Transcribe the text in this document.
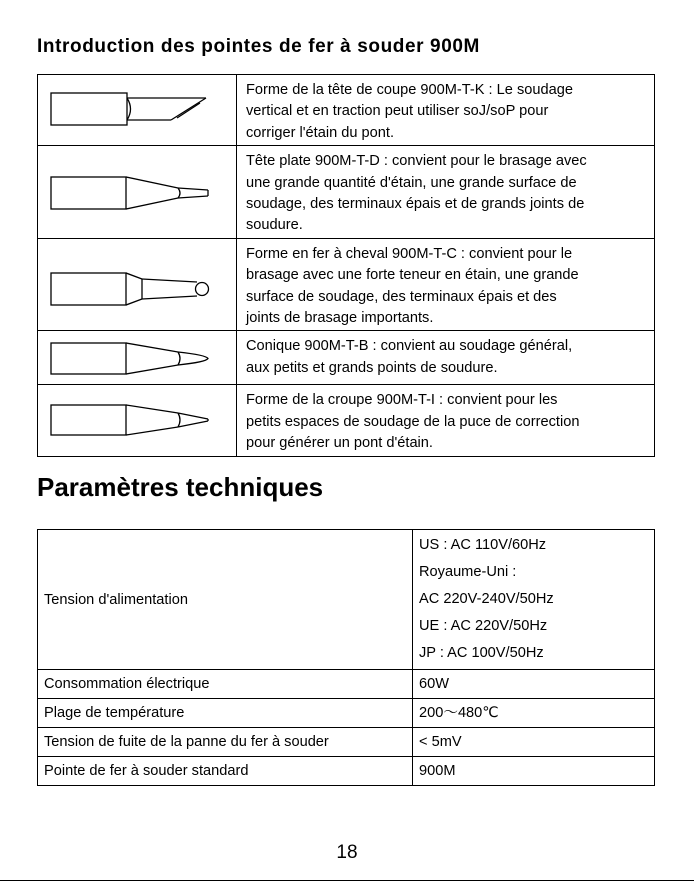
Introduction des pointes de fer à souder 900M

Forme de la tête de coupe 900M-T-K : Le soudage
vertical et en traction peut utiliser soJ/soP pour
corriger l'étain du pont.

Tête plate 900M-T-D : convient pour le brasage avec
une grande quantité d'étain, une grande surface de
soudage, des terminaux épais et de grands joints de
soudure.

Forme en fer à cheval 900M-T-C : convient pour le
brasage avec une forte teneur en étain, une grande
surface de soudage, des terminaux épais et des
joints de brasage importants.

Conique 900M-T-B : convient au soudage général,
aux petits et grands points de soudure.

Forme de la croupe 900M-T-I : convient pour les
petits espaces de soudage de la puce de correction
pour générer un pont d'étain.
Paramètres techniques
Tension d'alimentation	US : AC 110V/60Hz
Royaume-Uni :
AC 220V-240V/50Hz
UE : AC 220V/50Hz
JP : AC 100V/50Hz

Consommation électrique	60W
Plage de température	200～480℃
Tension de fuite de la panne du fer à souder	< 5mV
Pointe de fer à souder standard	900M
18
